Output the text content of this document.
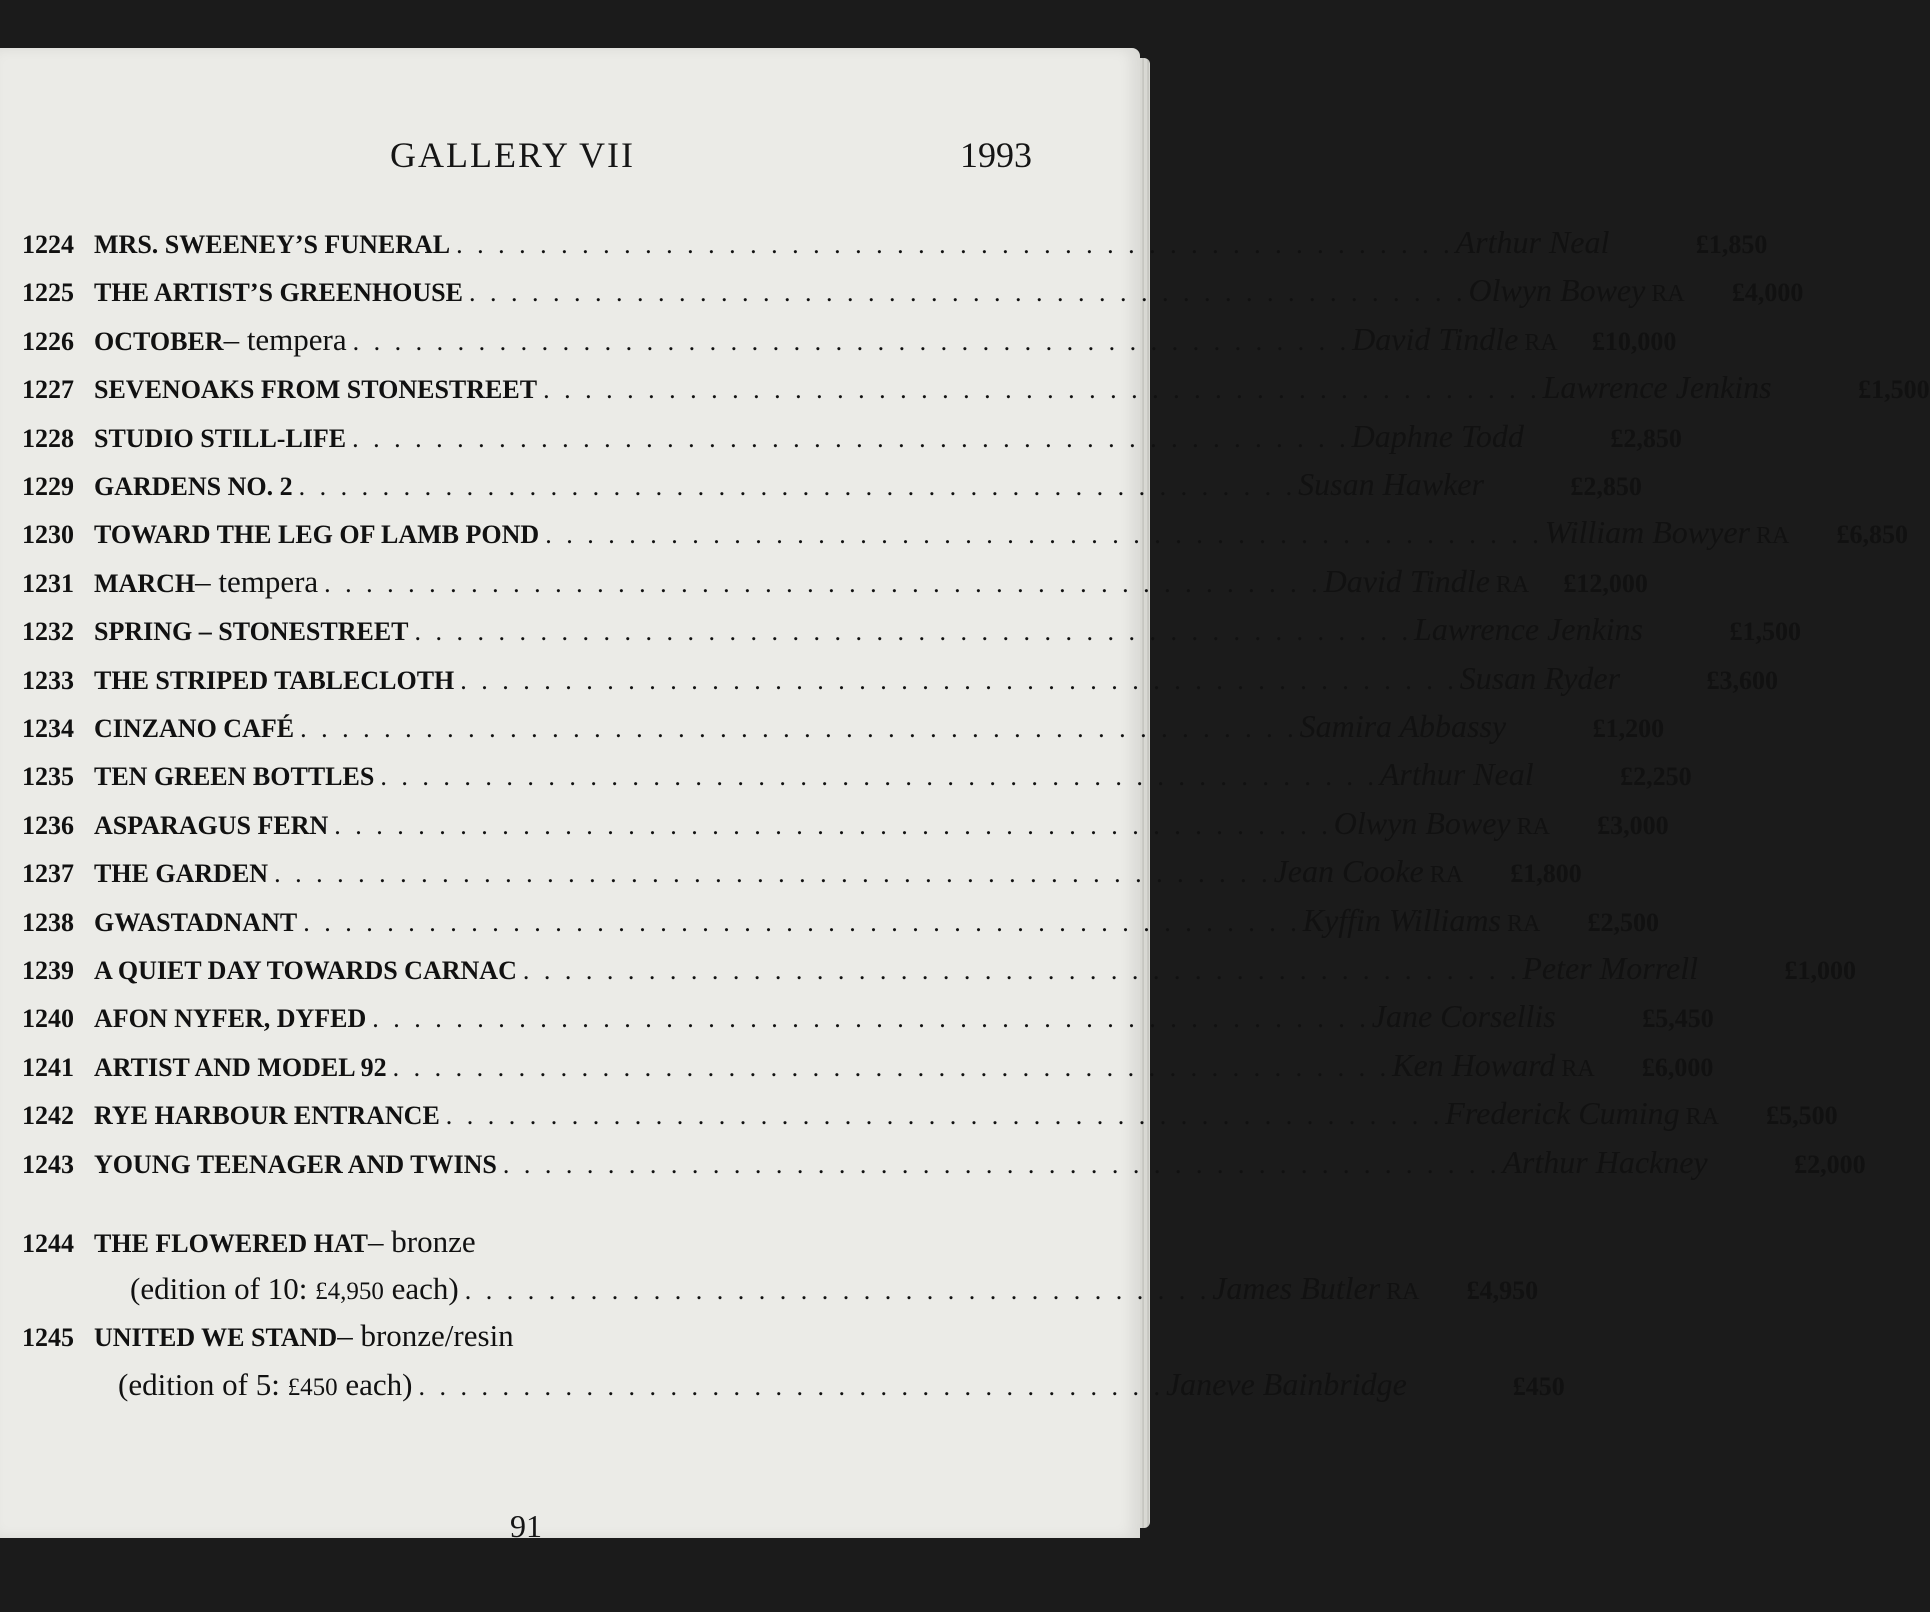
GALLERY VII	1993
1224 MRS. SWEENEY’S FUNERAL . . . . . . . . . . . . . . . . . . . . . . . . . . . . . . . . . . . . . . . . . . . . . . . . Arthur Neal	£1,850
1225 THE ARTIST’S GREENHOUSE . . . . . . . . . . . . . . . . . . . . . . . . . . . . . . . . . . . . . . . . . . . . . . . . Olwyn Bowey RA	£4,000
1226 OCTOBER – tempera . . . . . . . . . . . . . . . . . . . . . . . . . . . . . . . . . . . . . . . . . . . . . . . . David Tindle RA	£10,000
1227 SEVENOAKS FROM STONESTREET . . . . . . . . . . . . . . . . . . . . . . . . . . . . . . . . . . . . . . . . . . . . . . . . Lawrence Jenkins	£1,500
1228 STUDIO STILL-LIFE . . . . . . . . . . . . . . . . . . . . . . . . . . . . . . . . . . . . . . . . . . . . . . . . Daphne Todd	£2,850
1229 GARDENS NO. 2 . . . . . . . . . . . . . . . . . . . . . . . . . . . . . . . . . . . . . . . . . . . . . . . . Susan Hawker	£2,850
1230 TOWARD THE LEG OF LAMB POND . . . . . . . . . . . . . . . . . . . . . . . . . . . . . . . . . . . . . . . . . . . . . . . . William Bowyer RA	£6,850
1231 MARCH – tempera . . . . . . . . . . . . . . . . . . . . . . . . . . . . . . . . . . . . . . . . . . . . . . . . David Tindle RA	£12,000
1232 SPRING – STONESTREET . . . . . . . . . . . . . . . . . . . . . . . . . . . . . . . . . . . . . . . . . . . . . . . . Lawrence Jenkins	£1,500
1233 THE STRIPED TABLECLOTH . . . . . . . . . . . . . . . . . . . . . . . . . . . . . . . . . . . . . . . . . . . . . . . . Susan Ryder	£3,600
1234 CINZANO CAFÉ . . . . . . . . . . . . . . . . . . . . . . . . . . . . . . . . . . . . . . . . . . . . . . . . Samira Abbassy	£1,200
1235 TEN GREEN BOTTLES . . . . . . . . . . . . . . . . . . . . . . . . . . . . . . . . . . . . . . . . . . . . . . . . Arthur Neal	£2,250
1236 ASPARAGUS FERN . . . . . . . . . . . . . . . . . . . . . . . . . . . . . . . . . . . . . . . . . . . . . . . . Olwyn Bowey RA	£3,000
1237 THE GARDEN . . . . . . . . . . . . . . . . . . . . . . . . . . . . . . . . . . . . . . . . . . . . . . . . Jean Cooke RA	£1,800
1238 GWASTADNANT . . . . . . . . . . . . . . . . . . . . . . . . . . . . . . . . . . . . . . . . . . . . . . . . Kyffin Williams RA	£2,500
1239 A QUIET DAY TOWARDS CARNAC . . . . . . . . . . . . . . . . . . . . . . . . . . . . . . . . . . . . . . . . . . . . . . . . Peter Morrell	£1,000
1240 AFON NYFER, DYFED . . . . . . . . . . . . . . . . . . . . . . . . . . . . . . . . . . . . . . . . . . . . . . . . Jane Corsellis	£5,450
1241 ARTIST AND MODEL 92 . . . . . . . . . . . . . . . . . . . . . . . . . . . . . . . . . . . . . . . . . . . . . . . . Ken Howard RA	£6,000
1242 RYE HARBOUR ENTRANCE . . . . . . . . . . . . . . . . . . . . . . . . . . . . . . . . . . . . . . . . . . . . . . . . Frederick Cuming RA	£5,500
1243 YOUNG TEENAGER AND TWINS . . . . . . . . . . . . . . . . . . . . . . . . . . . . . . . . . . . . . . . . . . . . . . . . Arthur Hackney	£2,000
1244 THE FLOWERED HAT – bronze
(edition of 10: £4,950 each) . . . . . . . . . . . . . . . . . . . . . . . . . . . . . . . . . . . . James Butler RA	£4,950
1245 UNITED WE STAND – bronze/resin
(edition of 5: £450 each) . . . . . . . . . . . . . . . . . . . . . . . . . . . . . . . . . . . . Janeve Bainbridge	£450
91
